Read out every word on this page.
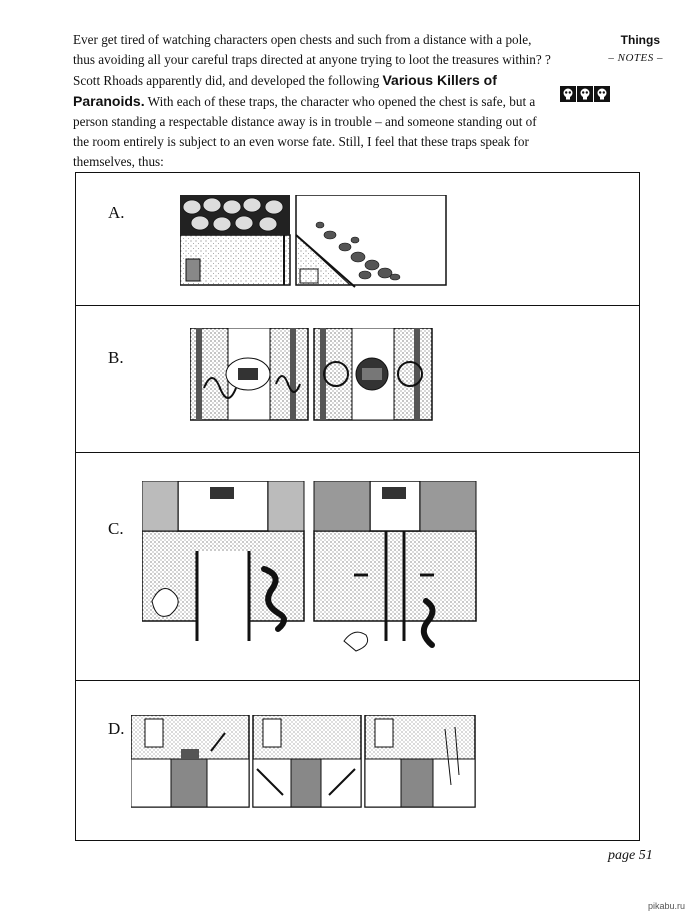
Ever get tired of watching characters open chests and such from a distance with a pole, thus avoiding all your careful traps directed at anyone trying to loot the treasures within? ? Scott Rhoads apparently did, and developed the following Various Killers of Paranoids. With each of these traps, the character who opened the chest is safe, but a person standing a respectable distance away is in trouble – and someone standing out of the room entirely is subject to an even worse fate. Still, I feel that these traps speak for themselves, thus:
Things
– NOTES –
A.
B.
C.
D.
page 51
pikabu.ru
